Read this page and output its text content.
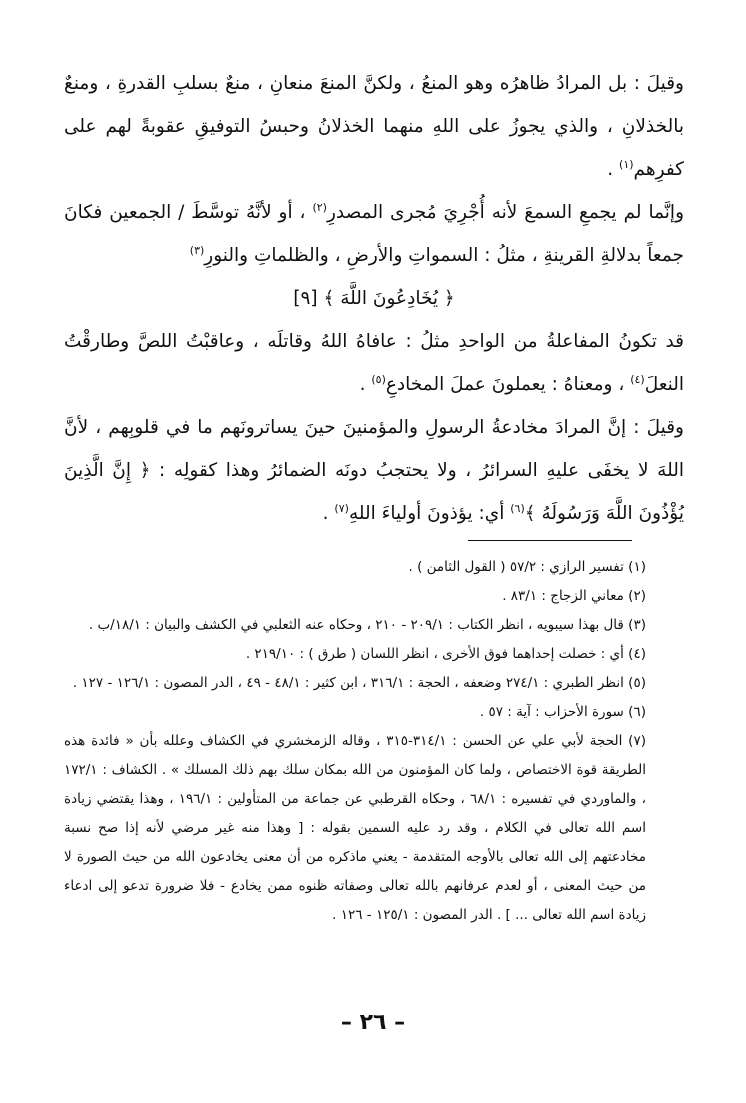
وقيلَ : بل المرادُ ظاهرُه وهو المنعُ ، ولكنَّ المنعَ منعانِ ، منعٌ بسلبِ القدرةِ ، ومنعٌ بالخذلانِ ، والذي يجوزُ على اللهِ منهما الخذلانُ وحبسُ التوفيقِ عقوبةً لهم على كفرِهم$^{(١)}$ .

وإنَّما لم يجمعِ السمعَ لأنه أُجْرِيَ مُجرى المصدرِ$^{(٢)}$ ، أو لأنَّهُ توسَّطَ / الجمعين فكانَ جمعاً بدلالةِ القرينةِ ، مثلُ : السمواتِ والأرضِ ، والظلماتِ والنورِ$^{(٣)}$

﴿ يُخَادِعُونَ اللَّهَ ﴾ [٩]

قد تكونُ المفاعلةُ من الواحدِ مثلُ : عافاهُ اللهُ وقاتلَه ، وعاقبْتُ اللصَّ وطارقْتُ النعلَ$^{(٤)}$ ، ومعناهُ : يعملونَ عملَ المخادعِ$^{(٥)}$ .

وقيلَ : إنَّ المرادَ مخادعةُ الرسولِ والمؤمنينَ حينَ يساترونَهم ما في قلوبِهم ، لأنَّ اللهَ لا يخفَى عليهِ السرائرُ ، ولا يحتجبُ دونَه الضمائرُ وهذا كقولِه : ﴿ إِنَّ الَّذِينَ يُؤْذُونَ اللَّهَ وَرَسُولَهُ ﴾$^{(٦)}$ أي: يؤذونَ أولياءَ اللهِ$^{(٧)}$ .

(١) تفسير الرازي : ٥٧/٢ ( القول الثامن ) .

(٢) معاني الزجاج : ٨٣/١ .

(٣) قال بهذا سيبويه ، انظر الكتاب : ٢٠٩/١ - ٢١٠ ، وحكاه عنه الثعلبي في الكشف والبيان : ١٨/١/ب .

(٤) أي : خصلت إحداهما فوق الأخرى ، انظر اللسان ( طرق ) : ٢١٩/١٠ .

(٥) انظر الطبري : ٢٧٤/١ وضعفه ، الحجة : ٣١٦/١ ، ابن كثير : ٤٨/١ - ٤٩ ، الدر المصون : ١٢٦/١ - ١٢٧ .

(٦) سورة الأحزاب : آية : ٥٧ .

(٧) الحجة لأبي علي عن الحسن : ٣١٤/١-٣١٥ ، وقاله الزمخشري في الكشاف وعلله بأن « فائدة هذه الطريقة قوة الاختصاص ، ولما كان المؤمنون من الله بمكان سلك بهم ذلك المسلك » . الكشاف : ١٧٢/١ ، والماوردي في تفسيره : ٦٨/١ ، وحكاه القرطبي عن جماعة من المتأولين : ١٩٦/١ ، وهذا يقتضي زيادة اسم الله تعالى في الكلام ، وقد رد عليه السمين بقوله : [ وهذا منه غير مرضي لأنه إذا صح نسبة مخادعتهم إلى الله تعالى بالأوجه المتقدمة - يعني ماذكره من أن معنى يخادعون الله من حيث الصورة لا من حيث المعنى ، أو لعدم عرفانهم بالله تعالى وصفاته ظنوه ممن يخادع - فلا ضرورة تدعو إلى ادعاء زيادة اسم الله تعالى ... ] . الدر المصون : ١٢٥/١ - ١٢٦ .

– ٢٦ –
